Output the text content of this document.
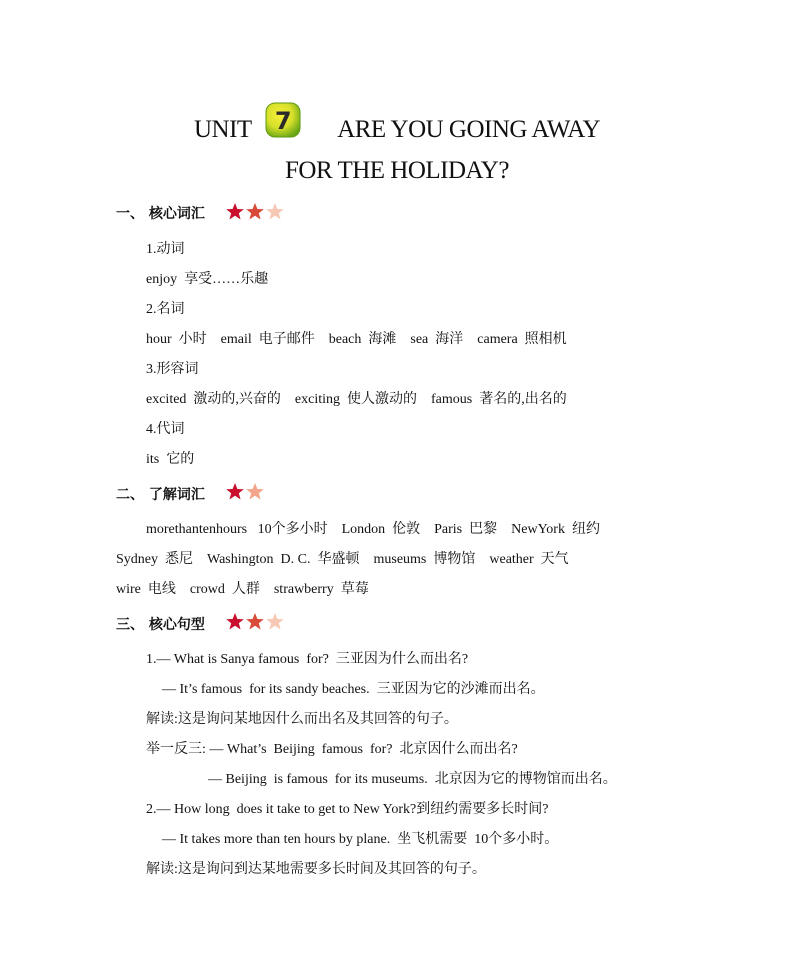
UNIT 7 ARE YOU GOING AWAY
FOR THE HOLIDAY?
一、 核心词汇
1.动词
enjoy  享受……乐趣
2.名词
hour  小时    email  电子邮件    beach  海滩    sea  海洋    camera  照相机
3.形容词
excited  激动的,兴奋的    exciting  使人激动的    famous  著名的,出名的
4.代词
its  它的
二、 了解词汇
morethantenhours   10个多小时    London  伦敦    Paris  巴黎    NewYork  纽约
Sydney  悉尼    Washington  D. C.  华盛顿    museums  博物馆    weather  天气
wire  电线    crowd  人群    strawberry  草莓
三、 核心句型
1.— What is Sanya famous  for?  三亚因为什么而出名?
— It’s famous  for its sandy beaches.  三亚因为它的沙滩而出名。
解读:这是询问某地因什么而出名及其回答的句子。
举一反三: — What’s  Beijing  famous  for?  北京因什么而出名?
— Beijing  is famous  for its museums.  北京因为它的博物馆而出名。
2.— How long  does it take to get to New York?到纽约需要多长时间?
— It takes more than ten hours by plane.  坐飞机需要  10个多小时。
解读:这是询问到达某地需要多长时间及其回答的句子。
